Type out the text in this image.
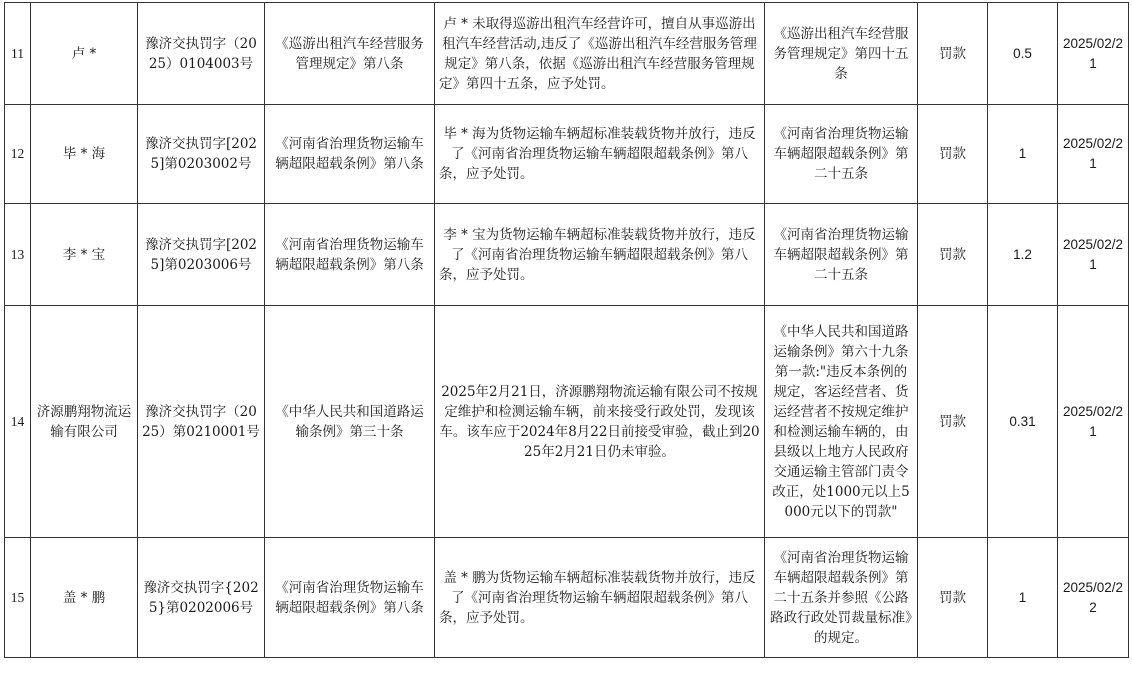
11	卢 *	豫济交执罚字（2025）0104003号	《巡游出租汽车经营服务管理规定》第八条	卢 * 未取得巡游出租汽车经营许可，擅自从事巡游出租汽车经营活动,违反了《巡游出租汽车经营服务管理规定》第八条，依据《巡游出租汽车经营服务管理规定》第四十五条，应予处罚。	《巡游出租汽车经营服务管理规定》第四十五条	罚款	0.5	2025/02/21
12	毕 * 海	豫济交执罚字[2025]第0203002号	《河南省治理货物运输车辆超限超载条例》第八条	毕 * 海为货物运输车辆超标准装载货物并放行，违反了《河南省治理货物运输车辆超限超载条例》第八条，应予处罚。	《河南省治理货物运输车辆超限超载条例》第二十五条	罚款	1	2025/02/21
13	李 * 宝	豫济交执罚字[2025]第0203006号	《河南省治理货物运输车辆超限超载条例》第八条	李 * 宝为货物运输车辆超标准装载货物并放行，违反了《河南省治理货物运输车辆超限超载条例》第八条，应予处罚。	《河南省治理货物运输车辆超限超载条例》第二十五条	罚款	1.2	2025/02/21
14	济源鹏翔物流运输有限公司	豫济交执罚字（2025）第0210001号	《中华人民共和国道路运输条例》第三十条	2025年2月21日，济源鹏翔物流运输有限公司不按规定维护和检测运输车辆，前来接受行政处罚，发现该车。该车应于2024年8月22日前接受审验，截止到2025年2月21日仍未审验。	《中华人民共和国道路运输条例》第六十九条第一款:"违反本条例的规定，客运经营者、货运经营者不按规定维护和检测运输车辆的，由县级以上地方人民政府交通运输主管部门责令改正，处1000元以上5000元以下的罚款"	罚款	0.31	2025/02/21
15	盖 * 鹏	豫济交执罚字{2025}第0202006号	《河南省治理货物运输车辆超限超载条例》第八条	盖 * 鹏为货物运输车辆超标准装载货物并放行，违反了《河南省治理货物运输车辆超限超载条例》第八条，应予处罚。	《河南省治理货物运输车辆超限超载条例》第二十五条并参照《公路路政行政处罚裁量标准》的规定。	罚款	1	2025/02/22
